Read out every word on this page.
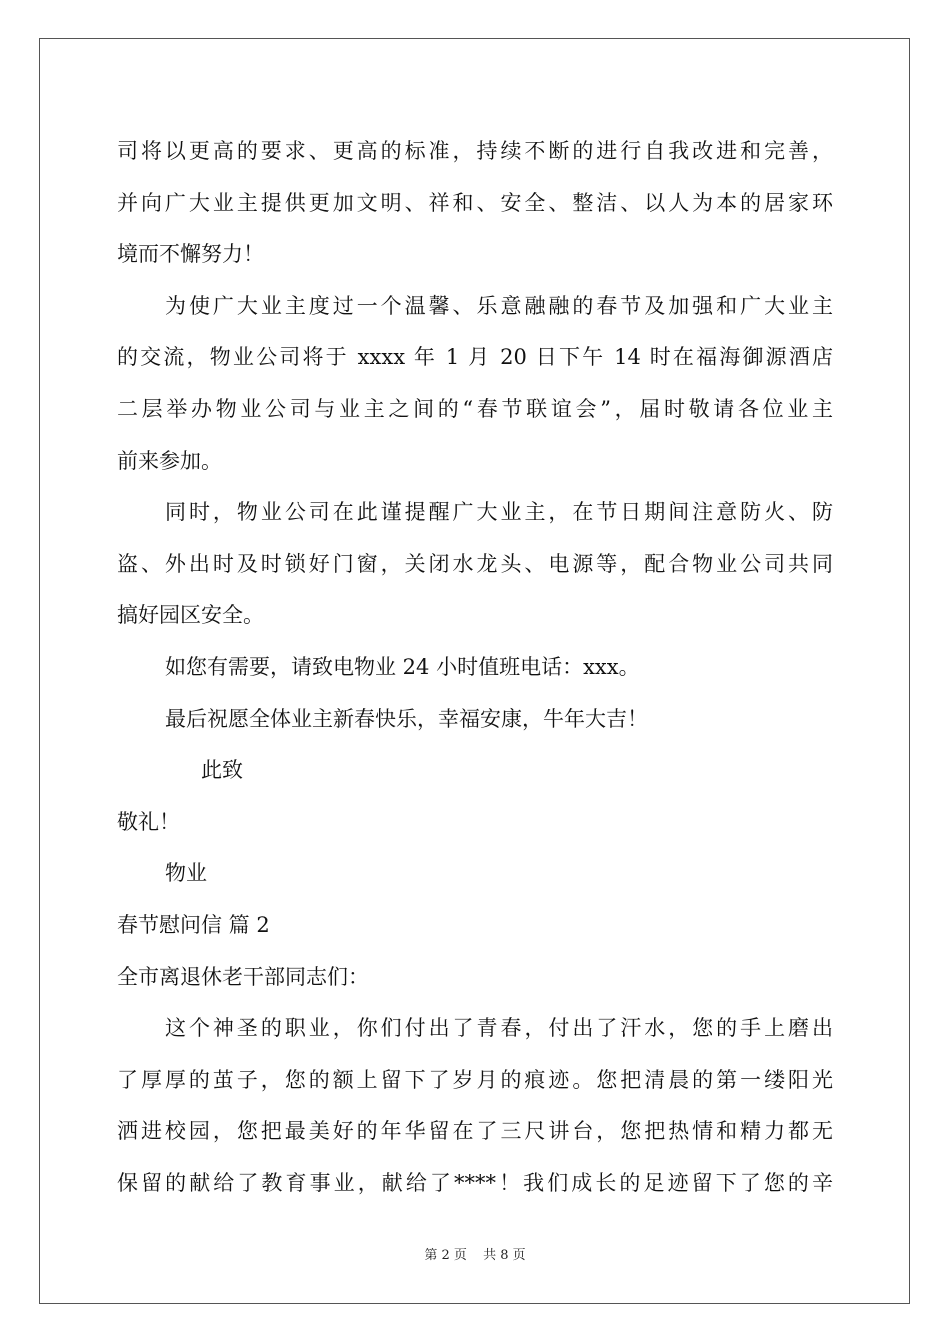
司将以更高的要求、更高的标准，持续不断的进行自我改进和完善，
并向广大业主提供更加文明、祥和、安全、整洁、以人为本的居家环
境而不懈努力！
为使广大业主度过一个温馨、乐意融融的春节及加强和广大业主
的交流，物业公司将于 xxxx 年 1 月 20 日下午 14 时在福海御源酒店
二层举办物业公司与业主之间的“春节联谊会”，届时敬请各位业主
前来参加。
同时，物业公司在此谨提醒广大业主，在节日期间注意防火、防
盗、外出时及时锁好门窗，关闭水龙头、电源等，配合物业公司共同
搞好园区安全。
如您有需要，请致电物业 24 小时值班电话：xxx。
最后祝愿全体业主新春快乐，幸福安康，牛年大吉！
此致
敬礼！
物业
春节慰问信 篇 2
全市离退休老干部同志们：
这个神圣的职业，你们付出了青春，付出了汗水，您的手上磨出
了厚厚的茧子，您的额上留下了岁月的痕迹。您把清晨的第一缕阳光
洒进校园，您把最美好的年华留在了三尺讲台，您把热情和精力都无
保留的献给了教育事业，献给了****！我们成长的足迹留下了您的辛
第 2 页 共 8 页
